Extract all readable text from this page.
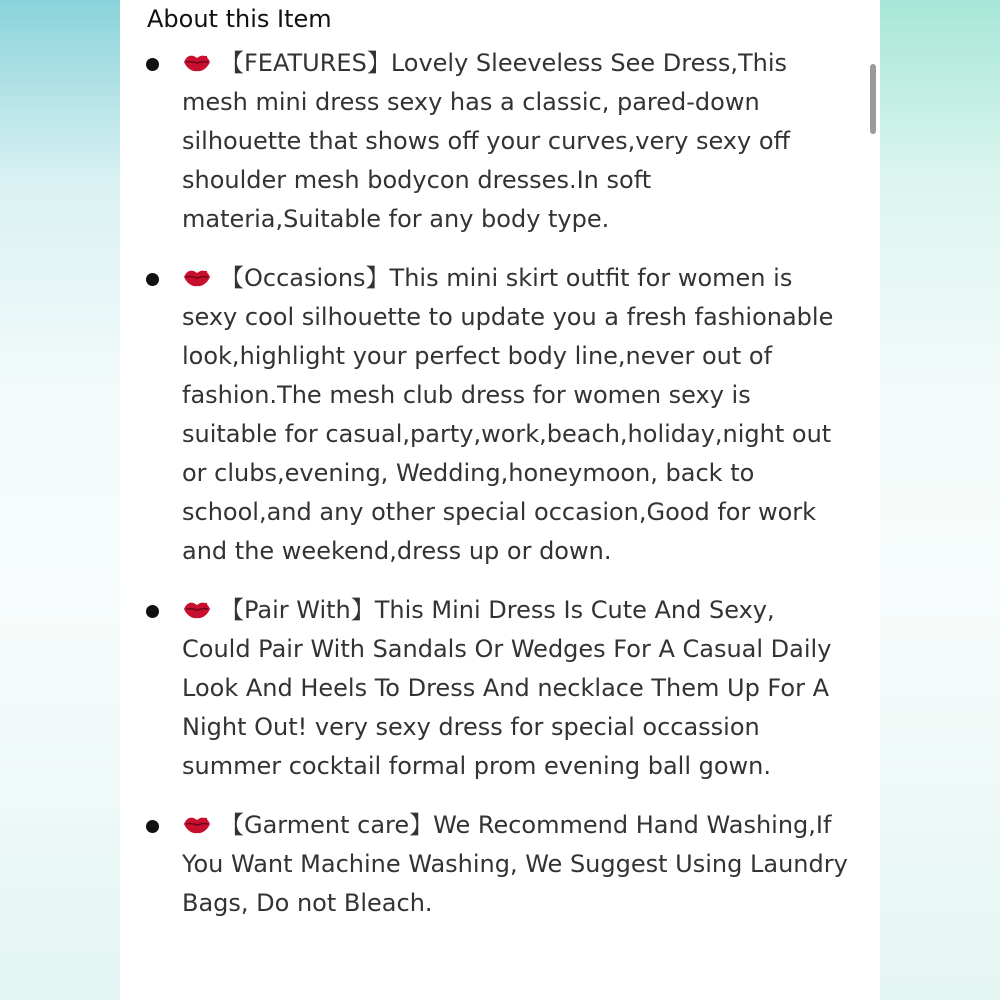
About this Item
【FEATURES】Lovely Sleeveless See Dress,This mesh mini dress sexy has a classic, pared-down silhouette that shows off your curves,very sexy off shoulder mesh bodycon dresses.In soft materia,Suitable for any body type.
【Occasions】This mini skirt outfit for women is sexy cool silhouette to update you a fresh fashionable look,highlight your perfect body line,never out of fashion.The mesh club dress for women sexy is suitable for casual,party,work,beach,holiday,night out or clubs,evening, Wedding,honeymoon, back to school,and any other special occasion,Good for work and the weekend,dress up or down.
【Pair With】This Mini Dress Is Cute And Sexy, Could Pair With Sandals Or Wedges For A Casual Daily Look And Heels To Dress And necklace Them Up For A Night Out! very sexy dress for special occassion summer cocktail formal prom evening ball gown.
【Garment care】We Recommend Hand Washing,If You Want Machine Washing, We Suggest Using Laundry Bags, Do not Bleach.
